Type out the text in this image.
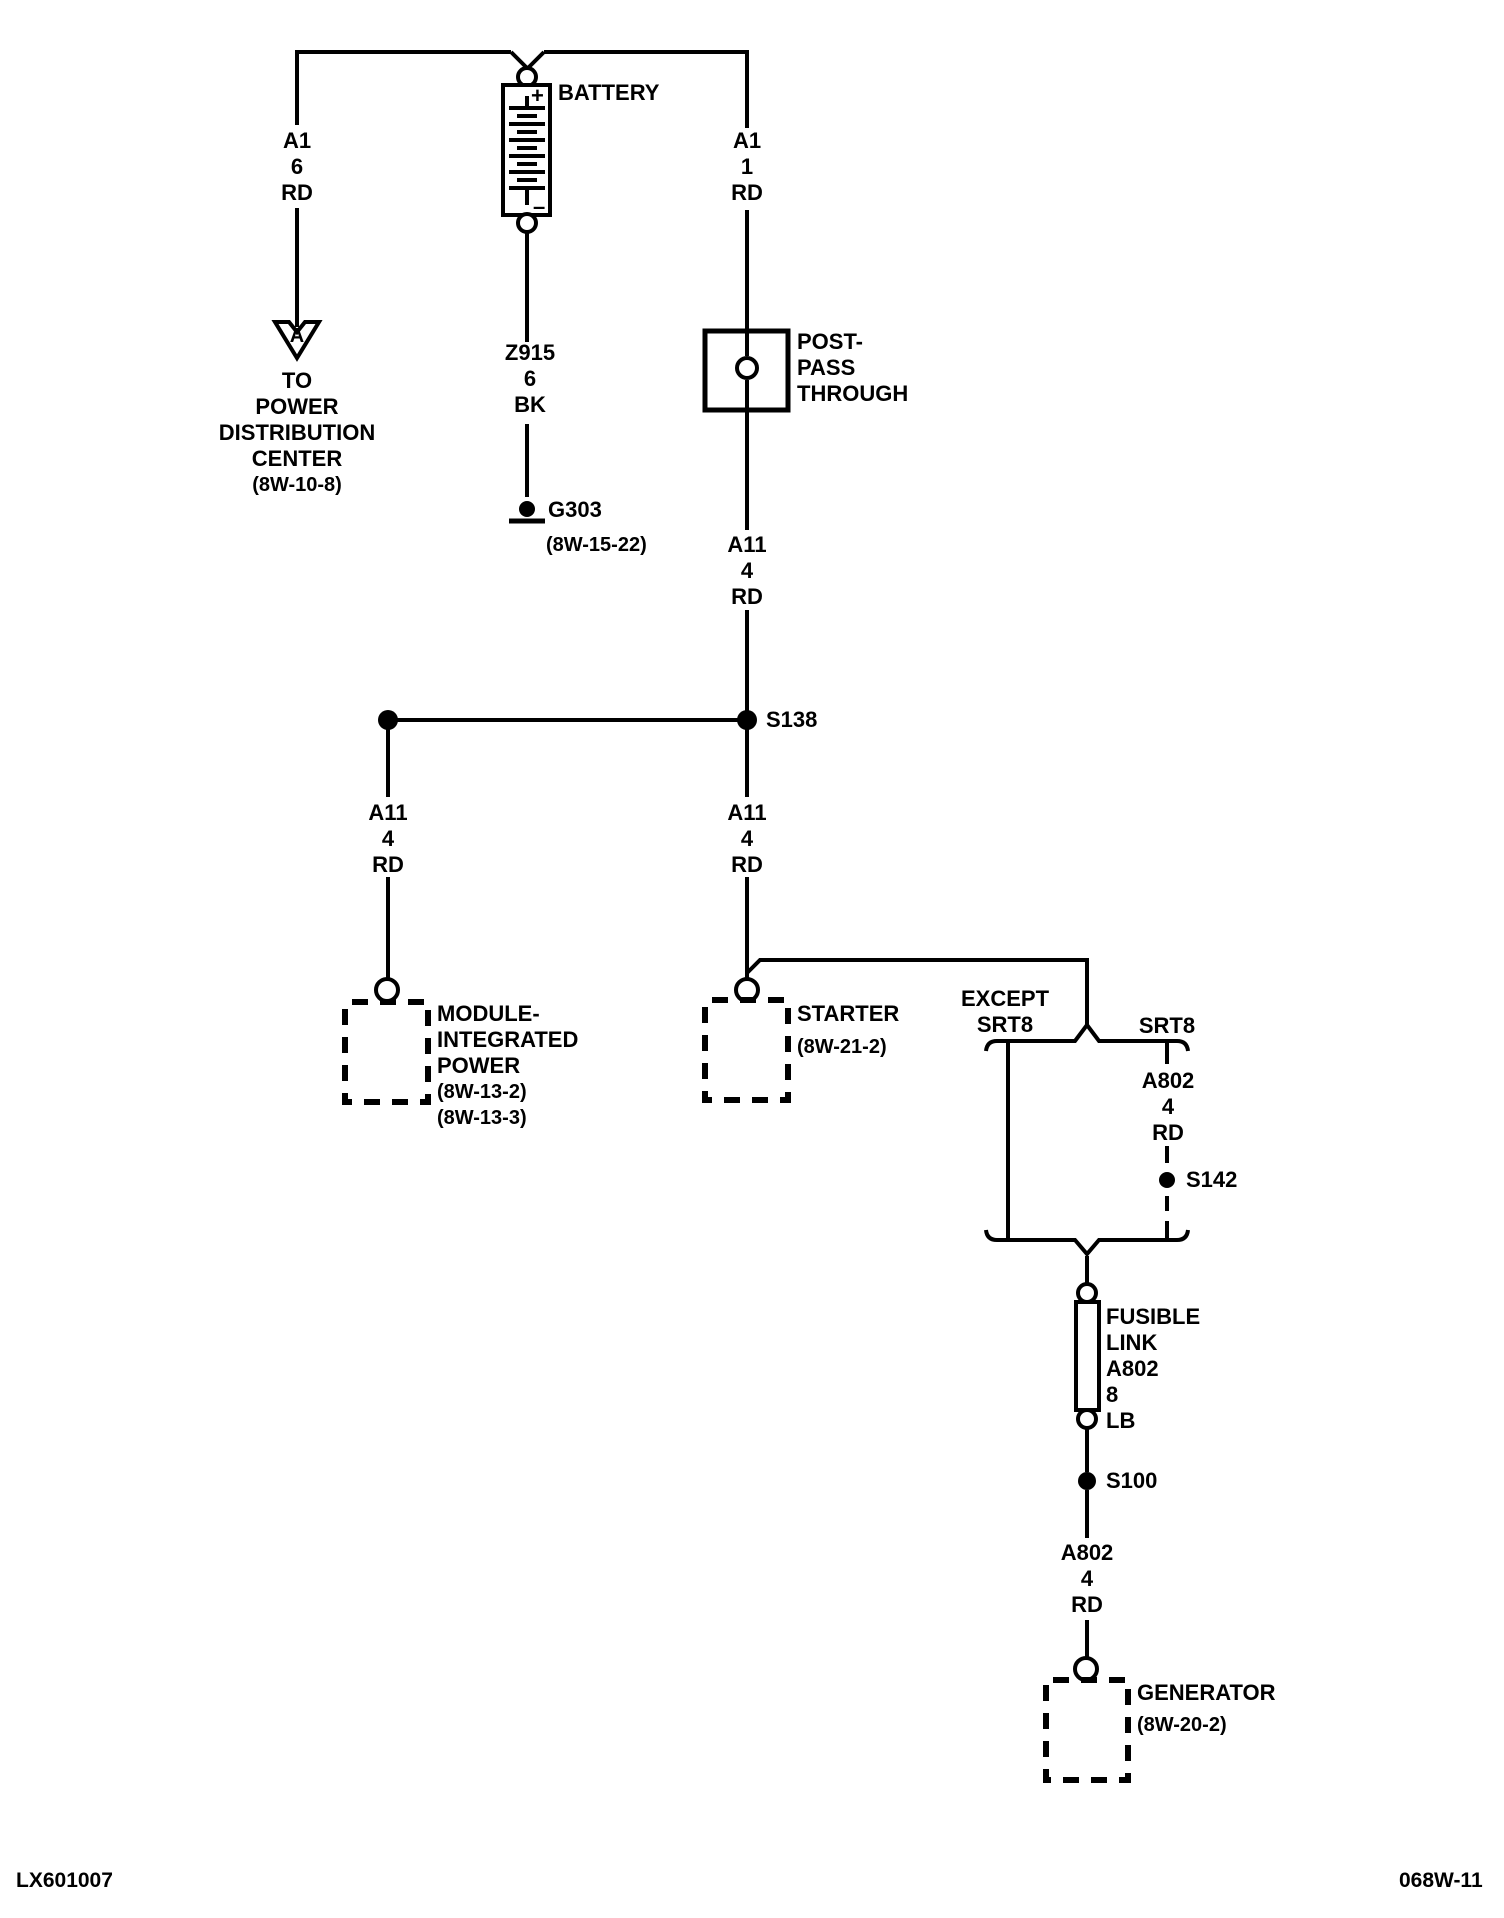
BATTERY
+
–
A1
6
RD
A1
1
RD
A
TO
POWER
DISTRIBUTION
CENTER
(8W-10-8)
Z915
6
BK
G303
(8W-15-22)
POST-
PASS
THROUGH
A11
4
RD
S138
A11
4
RD
A11
4
RD
MODULE-
INTEGRATED
POWER
(8W-13-2)
(8W-13-3)
STARTER
(8W-21-2)
EXCEPT
SRT8	SRT8
A802
4
RD
S142
FUSIBLE
LINK
A802
8
LB
S100
A802
4
RD
GENERATOR
(8W-20-2)
LX601007	068W-11
